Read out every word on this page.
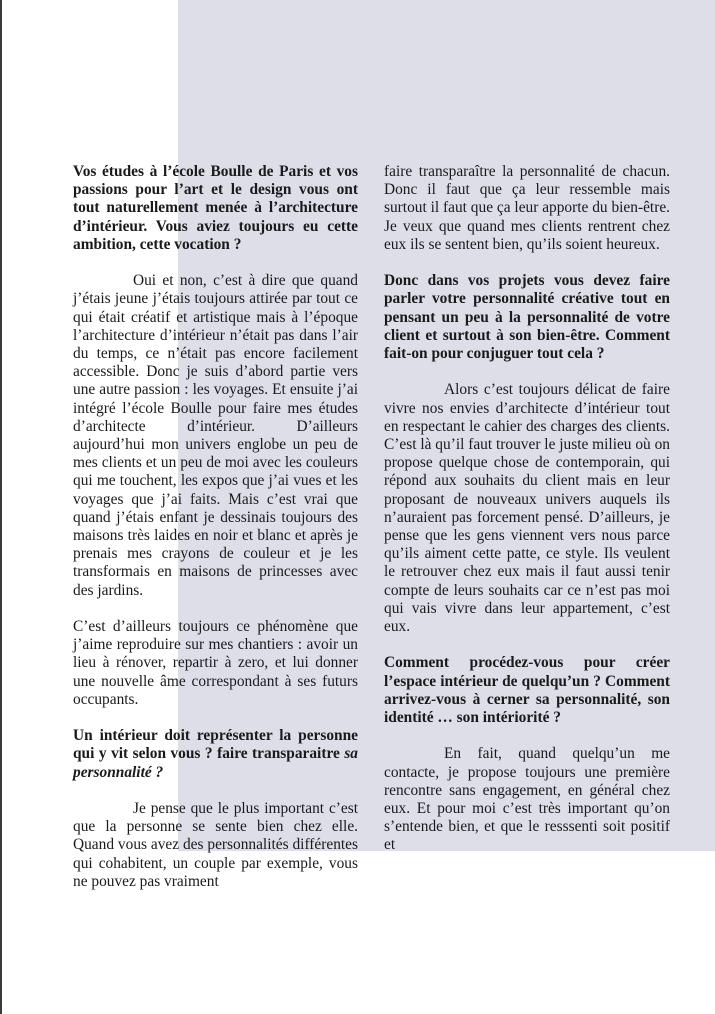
Vos études à l’école Boulle de Paris et vos passions pour l’art et le design vous ont tout naturellement menée à l’architecture d’intérieur. Vous aviez toujours eu cette ambition, cette vocation ?

Oui et non, c’est à dire que quand j’étais jeune j’étais toujours attirée par tout ce qui était créatif et artistique mais à l’époque l’architecture d’intérieur n’était pas dans l’air du temps, ce n’était pas encore facilement accessible. Donc je suis d’abord partie vers une autre passion : les voyages. Et ensuite j’ai intégré l’école Boulle pour faire mes études d’architecte d’intérieur. D’ailleurs aujourd’hui mon univers englobe un peu de mes clients et un peu de moi avec les couleurs qui me touchent, les expos que j’ai vues et les voyages que j’ai faits. Mais c’est vrai que quand j’étais enfant je dessinais toujours des maisons très laides en noir et blanc et après je prenais mes crayons de couleur et je les transformais en maisons de princesses avec des jardins.

C’est d’ailleurs toujours ce phénomène que j’aime reproduire sur mes chantiers : avoir un lieu à rénover, repartir à zero, et lui donner une nouvelle âme correspondant à ses futurs occupants.

Un intérieur doit représenter la personne qui y vit selon vous ? faire transparaitre sa personnalité ?

Je pense que le plus important c’est que la personne se sente bien chez elle. Quand vous avez des personnalités différentes qui cohabitent, un couple par exemple, vous ne pouvez pas vraiment

faire transparaître la personnalité de chacun. Donc il faut que ça leur ressemble mais surtout il faut que ça leur apporte du bien-être. Je veux que quand mes clients rentrent chez eux ils se sentent bien, qu’ils soient heureux.

Donc dans vos projets vous devez faire parler votre personnalité créative tout en pensant un peu à la personnalité de votre client et surtout à son bien-être. Comment fait-on pour conjuguer tout cela ?

Alors c’est toujours délicat de faire vivre nos envies d’architecte d’intérieur tout en respectant le cahier des charges des clients. C’est là qu’il faut trouver le juste milieu où on propose quelque chose de contemporain, qui répond aux souhaits du client mais en leur proposant de nouveaux univers auquels ils n’auraient pas forcement pensé. D’ailleurs, je pense que les gens viennent vers nous parce qu’ils aiment cette patte, ce style. Ils veulent le retrouver chez eux mais il faut aussi tenir compte de leurs souhaits car ce n’est pas moi qui vais vivre dans leur appartement, c’est eux.

Comment procédez-vous pour créer l’espace intérieur de quelqu’un ? Comment arrivez-vous à cerner sa personnalité, son identité … son intériorité ?

En fait, quand quelqu’un me contacte, je propose toujours une première rencontre sans engagement, en général chez eux. Et pour moi c’est très important qu’on s’entende bien, et que le resssenti soit positif et
